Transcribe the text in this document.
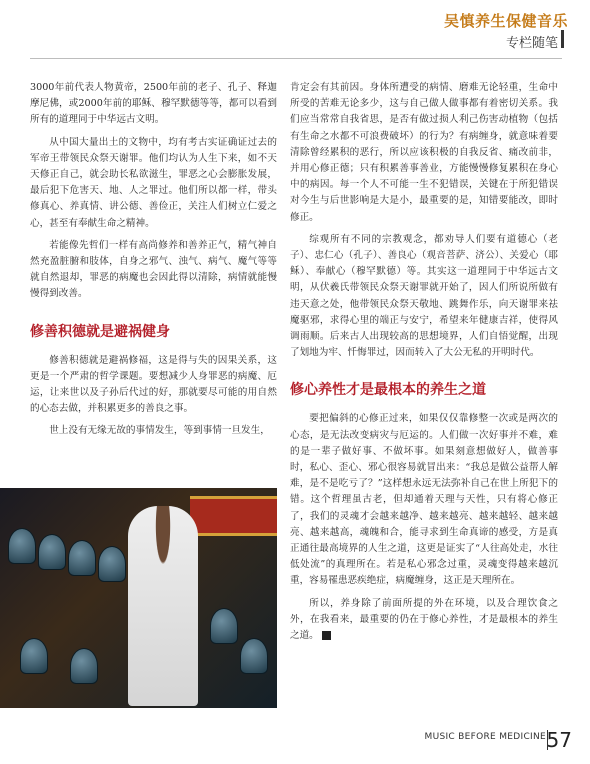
吴慎养生保健音乐
专栏随笔

3000年前代表人物黄帝，2500年前的老子、孔子、释迦摩尼佛，或2000年前的耶稣、穆罕默德等等，都可以看到所有的道理同于中华远古文明。

从中国大量出土的文物中，均有考古实证确证过去的军帝王带领民众祭天谢罪。他们均认为人生下来，如不天天修正自己，就会助长私欲滋生，罪恶之心会膨胀发展，最后犯下危害天、地、人之罪过。他们所以都一样，带头修真心、养真情、讲公德、善俭正，关注人们树立仁爱之心，甚至有奉献生命之精神。

若能像先哲们一样有高尚修养和善养正气，精气神自然充盈脏腑和肢体，自身之邪气、浊气、病气、魔气等等就自然退却，罪恶的病魔也会因此得以清除，病情就能慢慢得到改善。

修善积德就是避祸健身

修善积德就是避祸修福，这是得与失的因果关系，这更是一个严肃的哲学课题。要想减少人身罪恶的病魔、厄运，让来世以及子孙后代过的好，那就要尽可能的用自然的心态去做，并积累更多的善良之事。

世上没有无缘无故的事情发生，等到事情一旦发生，

肯定会有其前因。身体所遭受的病情、磨难无论轻重，生命中所受的苦难无论多少，这与自己做人做事都有着密切关系。我们应当常常自我省思，是否有做过损人利己伤害动植物（包括有生命之水都不可浪费破坏）的行为？有病缠身，就意味着要清除曾经累积的恶行，所以应该积极的自我反省、痛改前非，并用心修正德；只有积累善事善业，方能慢慢修复累积在身心中的病因。每一个人不可能一生不犯错误，关键在于所犯错误对今生与后世影响是大是小，最重要的是，知错要能改，即时修正。

综观所有不同的宗教观念，都劝导人们要有道德心（老子）、忠仁心（孔子）、善良心（观音菩萨、济公）、关爱心（耶稣）、奉献心（穆罕默德）等。其实这一道理同于中华远古文明，从伏羲氏带领民众祭天谢罪就开始了，因人们所说所做有违天意之处，他带领民众祭天敬地、跳舞作乐，向天谢罪来祛魔驱邪，求得心里的端正与安宁，希望来年健康吉祥，使得风调雨顺。后来古人出现较高的思想境界，人们自悟觉醒，出现了划地为牢、忏悔罪过，因而转入了大公无私的开明时代。

修心养性才是最根本的养生之道

要把偏斜的心修正过来，如果仅仅靠修整一次或是两次的心态，是无法改变病灾与厄运的。人们做一次好事并不难，难的是一辈子做好事、不做坏事。如果刻意想做好人，做善事时，私心、歪心、邪心很容易就冒出来：“我总是做公益帮人解难，是不是吃亏了？”这样想永远无法弥补自己在世上所犯下的错。这个哲理虽古老，但却通着天理与天性，只有将心修正了，我们的灵魂才会越来越净、越来越亮、越来越轻、越来越亮、越来越高，魂魄和合，能寻求到生命真谛的感受，方是真正通往最高境界的人生之道，这更是证实了“人往高处走，水往低处流”的真理所在。若是私心邪念过重，灵魂变得越来越沉重，容易罹患恶疾绝症，病魔缠身，这正是天理所在。

所以，养身除了前面所提的外在环境，以及合理饮食之外，在我看来，最重要的仍在于修心养性，才是最根本的养生之道。

MUSIC BEFORE MEDICINE 57
